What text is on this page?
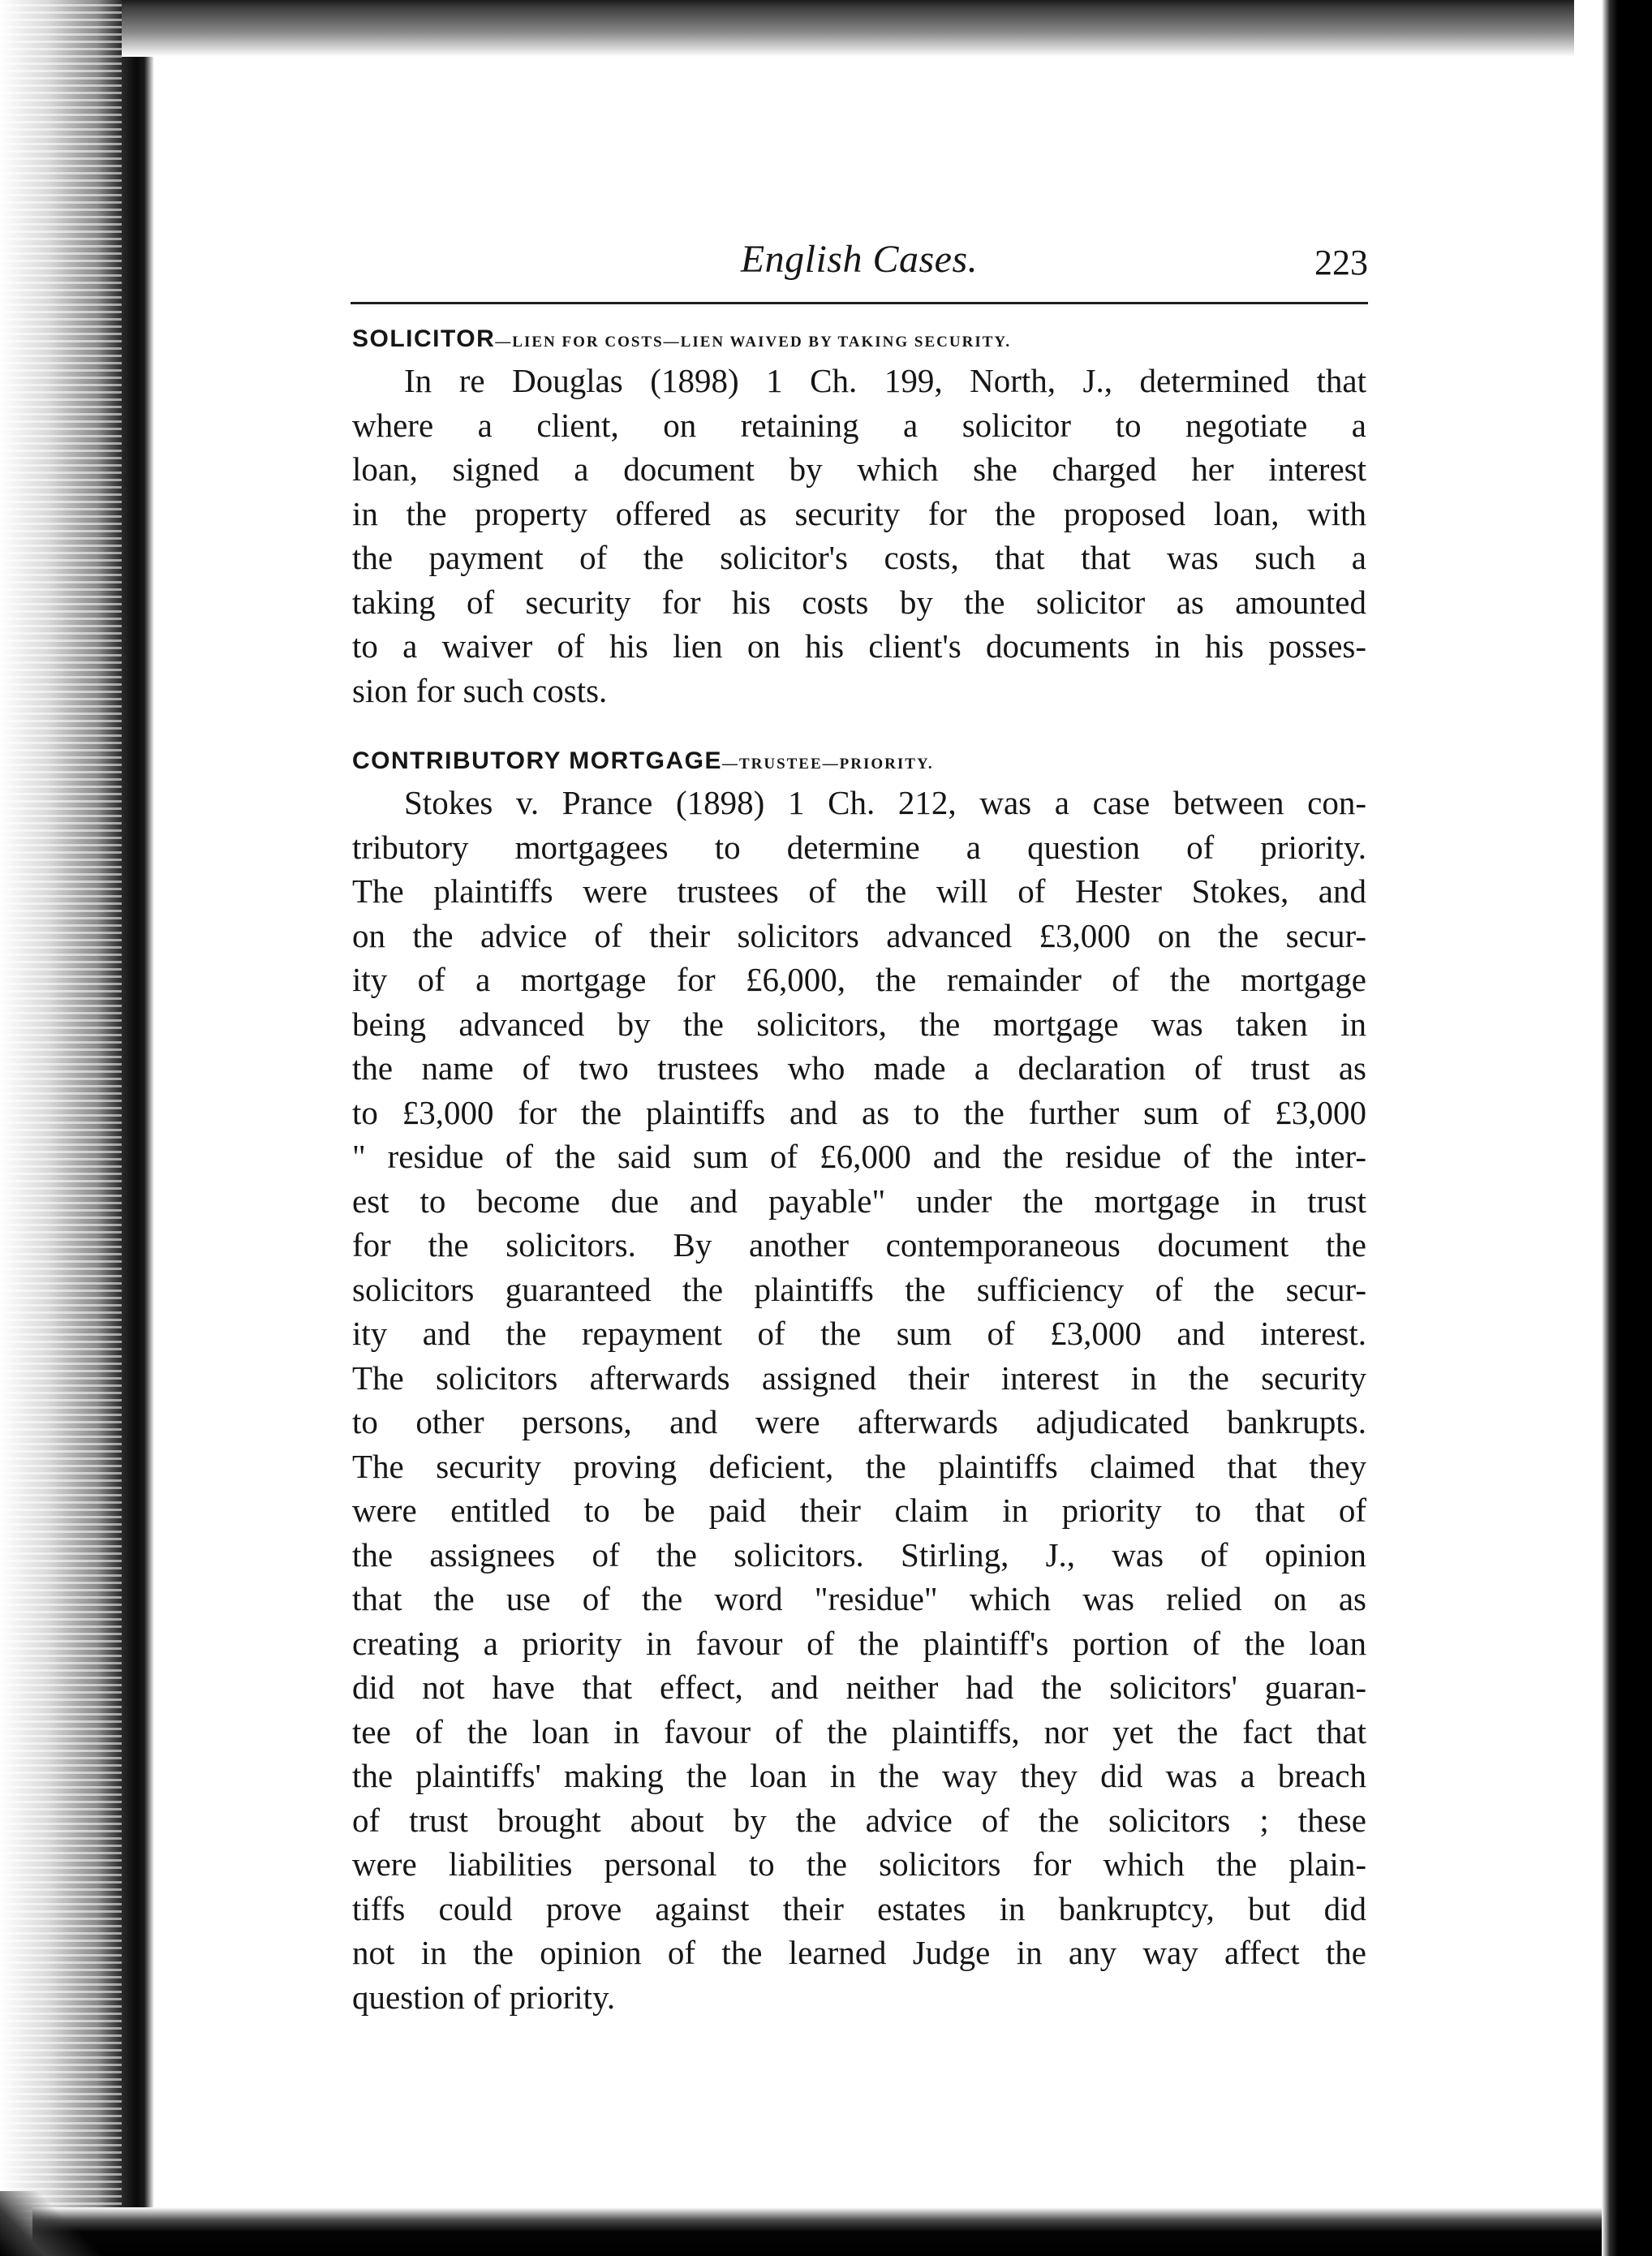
English Cases.	223
SOLICITOR—LIEN FOR COSTS—LIEN WAIVED BY TAKING SECURITY.

In re Douglas (1898) 1 Ch. 199, North, J., determined that
where a client, on retaining a solicitor to negotiate a
loan, signed a document by which she charged her interest
in the property offered as security for the proposed loan, with
the payment of the solicitor's costs, that that was such a
taking of security for his costs by the solicitor as amounted
to a waiver of his lien on his client's documents in his posses-
sion for such costs.

CONTRIBUTORY MORTGAGE—TRUSTEE—PRIORITY.

Stokes v. Prance (1898) 1 Ch. 212, was a case between con-
tributory mortgagees to determine a question of priority.
The plaintiffs were trustees of the will of Hester Stokes, and
on the advice of their solicitors advanced £3,000 on the secur-
ity of a mortgage for £6,000, the remainder of the mortgage
being advanced by the solicitors, the mortgage was taken in
the name of two trustees who made a declaration of trust as
to £3,000 for the plaintiffs and as to the further sum of £3,000
" residue of the said sum of £6,000 and the residue of the inter-
est to become due and payable" under the mortgage in trust
for the solicitors. By another contemporaneous document the
solicitors guaranteed the plaintiffs the sufficiency of the secur-
ity and the repayment of the sum of £3,000 and interest.
The solicitors afterwards assigned their interest in the security
to other persons, and were afterwards adjudicated bankrupts.
The security proving deficient, the plaintiffs claimed that they
were entitled to be paid their claim in priority to that of
the assignees of the solicitors. Stirling, J., was of opinion
that the use of the word "residue" which was relied on as
creating a priority in favour of the plaintiff's portion of the loan
did not have that effect, and neither had the solicitors' guaran-
tee of the loan in favour of the plaintiffs, nor yet the fact that
the plaintiffs' making the loan in the way they did was a breach
of trust brought about by the advice of the solicitors ; these
were liabilities personal to the solicitors for which the plain-
tiffs could prove against their estates in bankruptcy, but did
not in the opinion of the learned Judge in any way affect the
question of priority.
